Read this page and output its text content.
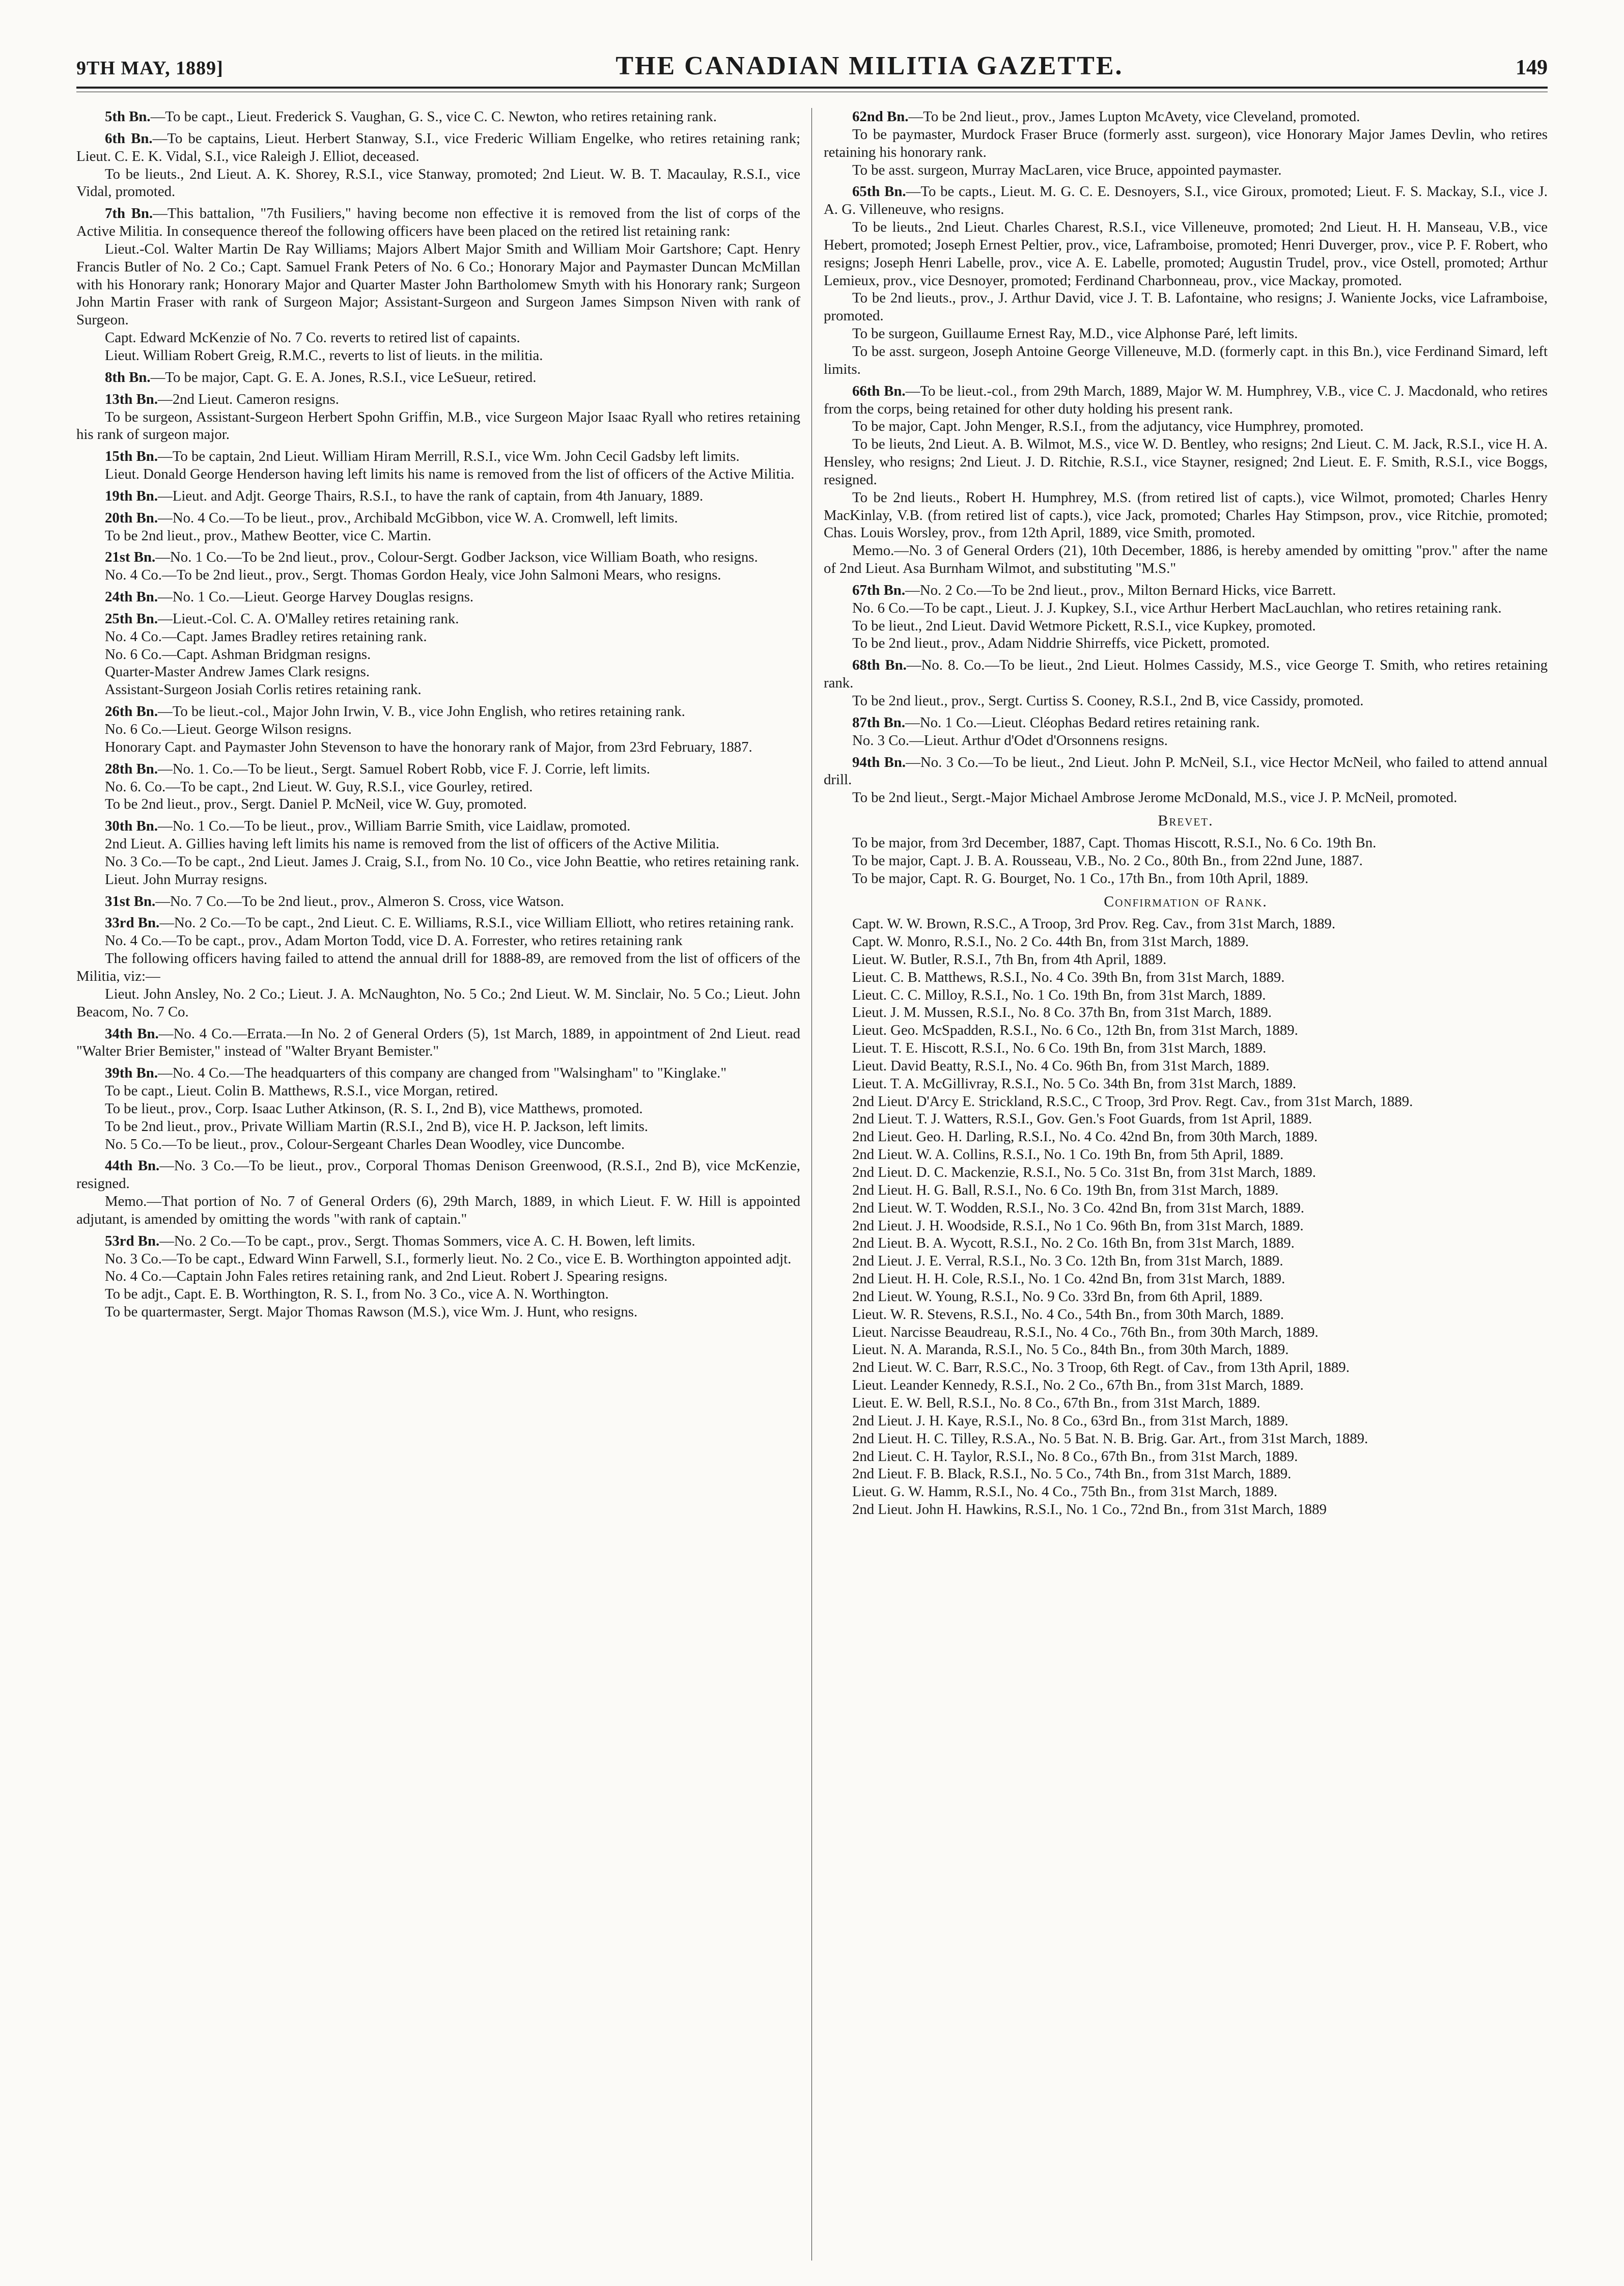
9TH MAY, 1889]	THE CANADIAN MILITIA GAZETTE.	149

5th Bn.—To be capt., Lieut. Frederick S. Vaughan, G. S., vice C. C. Newton, who retires retaining rank.

6th Bn.—To be captains, Lieut. Herbert Stanway, S.I., vice Frederic William Engelke, who retires retaining rank; Lieut. C. E. K. Vidal, S.I., vice Raleigh J. Elliot, deceased.

To be lieuts., 2nd Lieut. A. K. Shorey, R.S.I., vice Stanway, promoted; 2nd Lieut. W. B. T. Macaulay, R.S.I., vice Vidal, promoted.

7th Bn.—This battalion, "7th Fusiliers," having become non effective it is removed from the list of corps of the Active Militia. In consequence thereof the following officers have been placed on the retired list retaining rank:

Lieut.-Col. Walter Martin De Ray Williams; Majors Albert Major Smith and William Moir Gartshore; Capt. Henry Francis Butler of No. 2 Co.; Capt. Samuel Frank Peters of No. 6 Co.; Honorary Major and Paymaster Duncan McMillan with his Honorary rank; Honorary Major and Quarter Master John Bartholomew Smyth with his Honorary rank; Surgeon John Martin Fraser with rank of Surgeon Major; Assistant-Surgeon and Surgeon James Simpson Niven with rank of Surgeon.

Capt. Edward McKenzie of No. 7 Co. reverts to retired list of capaints.

Lieut. William Robert Greig, R.M.C., reverts to list of lieuts. in the militia.

8th Bn.—To be major, Capt. G. E. A. Jones, R.S.I., vice LeSueur, retired.

13th Bn.—2nd Lieut. Cameron resigns.

To be surgeon, Assistant-Surgeon Herbert Spohn Griffin, M.B., vice Surgeon Major Isaac Ryall who retires retaining his rank of surgeon major.

15th Bn.—To be captain, 2nd Lieut. William Hiram Merrill, R.S.I., vice Wm. John Cecil Gadsby left limits.

Lieut. Donald George Henderson having left limits his name is removed from the list of officers of the Active Militia.

19th Bn.—Lieut. and Adjt. George Thairs, R.S.I., to have the rank of captain, from 4th January, 1889.

20th Bn.—No. 4 Co.—To be lieut., prov., Archibald McGibbon, vice W. A. Cromwell, left limits.

To be 2nd lieut., prov., Mathew Beotter, vice C. Martin.

21st Bn.—No. 1 Co.—To be 2nd lieut., prov., Colour-Sergt. Godber Jackson, vice William Boath, who resigns.

No. 4 Co.—To be 2nd lieut., prov., Sergt. Thomas Gordon Healy, vice John Salmoni Mears, who resigns.

24th Bn.—No. 1 Co.—Lieut. George Harvey Douglas resigns.

25th Bn.—Lieut.-Col. C. A. O'Malley retires retaining rank.

No. 4 Co.—Capt. James Bradley retires retaining rank.

No. 6 Co.—Capt. Ashman Bridgman resigns.

Quarter-Master Andrew James Clark resigns.

Assistant-Surgeon Josiah Corlis retires retaining rank.

26th Bn.—To be lieut.-col., Major John Irwin, V. B., vice John English, who retires retaining rank.

No. 6 Co.—Lieut. George Wilson resigns.

Honorary Capt. and Paymaster John Stevenson to have the honorary rank of Major, from 23rd February, 1887.

28th Bn.—No. 1. Co.—To be lieut., Sergt. Samuel Robert Robb, vice F. J. Corrie, left limits.

No. 6. Co.—To be capt., 2nd Lieut. W. Guy, R.S.I., vice Gourley, retired.

To be 2nd lieut., prov., Sergt. Daniel P. McNeil, vice W. Guy, promoted.

30th Bn.—No. 1 Co.—To be lieut., prov., William Barrie Smith, vice Laidlaw, promoted.

2nd Lieut. A. Gillies having left limits his name is removed from the list of officers of the Active Militia.

No. 3 Co.—To be capt., 2nd Lieut. James J. Craig, S.I., from No. 10 Co., vice John Beattie, who retires retaining rank.

Lieut. John Murray resigns.

31st Bn.—No. 7 Co.—To be 2nd lieut., prov., Almeron S. Cross, vice Watson.

33rd Bn.—No. 2 Co.—To be capt., 2nd Lieut. C. E. Williams, R.S.I., vice William Elliott, who retires retaining rank.

No. 4 Co.—To be capt., prov., Adam Morton Todd, vice D. A. Forrester, who retires retaining rank

The following officers having failed to attend the annual drill for 1888-89, are removed from the list of officers of the Militia, viz:—

Lieut. John Ansley, No. 2 Co.; Lieut. J. A. McNaughton, No. 5 Co.; 2nd Lieut. W. M. Sinclair, No. 5 Co.; Lieut. John Beacom, No. 7 Co.

34th Bn.—No. 4 Co.—Errata.—In No. 2 of General Orders (5), 1st March, 1889, in appointment of 2nd Lieut. read "Walter Brier Bemister," instead of "Walter Bryant Bemister."

39th Bn.—No. 4 Co.—The headquarters of this company are changed from "Walsingham" to "Kinglake."

To be capt., Lieut. Colin B. Matthews, R.S.I., vice Morgan, retired.

To be lieut., prov., Corp. Isaac Luther Atkinson, (R. S. I., 2nd B), vice Matthews, promoted.

To be 2nd lieut., prov., Private William Martin (R.S.I., 2nd B), vice H. P. Jackson, left limits.

No. 5 Co.—To be lieut., prov., Colour-Sergeant Charles Dean Woodley, vice Duncombe.

44th Bn.—No. 3 Co.—To be lieut., prov., Corporal Thomas Denison Greenwood, (R.S.I., 2nd B), vice McKenzie, resigned.

Memo.—That portion of No. 7 of General Orders (6), 29th March, 1889, in which Lieut. F. W. Hill is appointed adjutant, is amended by omitting the words "with rank of captain."

53rd Bn.—No. 2 Co.—To be capt., prov., Sergt. Thomas Sommers, vice A. C. H. Bowen, left limits.

No. 3 Co.—To be capt., Edward Winn Farwell, S.I., formerly lieut. No. 2 Co., vice E. B. Worthington appointed adjt.

No. 4 Co.—Captain John Fales retires retaining rank, and 2nd Lieut. Robert J. Spearing resigns.

To be adjt., Capt. E. B. Worthington, R. S. I., from No. 3 Co., vice A. N. Worthington.

To be quartermaster, Sergt. Major Thomas Rawson (M.S.), vice Wm. J. Hunt, who resigns.

62nd Bn.—To be 2nd lieut., prov., James Lupton McAvety, vice Cleveland, promoted.

To be paymaster, Murdock Fraser Bruce (formerly asst. surgeon), vice Honorary Major James Devlin, who retires retaining his honorary rank.

To be asst. surgeon, Murray MacLaren, vice Bruce, appointed paymaster.

65th Bn.—To be capts., Lieut. M. G. C. E. Desnoyers, S.I., vice Giroux, promoted; Lieut. F. S. Mackay, S.I., vice J. A. G. Villeneuve, who resigns.

To be lieuts., 2nd Lieut. Charles Charest, R.S.I., vice Villeneuve, promoted; 2nd Lieut. H. H. Manseau, V.B., vice Hebert, promoted; Joseph Ernest Peltier, prov., vice, Laframboise, promoted; Henri Duverger, prov., vice P. F. Robert, who resigns; Joseph Henri Labelle, prov., vice A. E. Labelle, promoted; Augustin Trudel, prov., vice Ostell, promoted; Arthur Lemieux, prov., vice Desnoyer, promoted; Ferdinand Charbonneau, prov., vice Mackay, promoted.

To be 2nd lieuts., prov., J. Arthur David, vice J. T. B. Lafontaine, who resigns; J. Waniente Jocks, vice Laframboise, promoted.

To be surgeon, Guillaume Ernest Ray, M.D., vice Alphonse Paré, left limits.

To be asst. surgeon, Joseph Antoine George Villeneuve, M.D. (formerly capt. in this Bn.), vice Ferdinand Simard, left limits.

66th Bn.—To be lieut.-col., from 29th March, 1889, Major W. M. Humphrey, V.B., vice C. J. Macdonald, who retires from the corps, being retained for other duty holding his present rank.

To be major, Capt. John Menger, R.S.I., from the adjutancy, vice Humphrey, promoted.

To be lieuts, 2nd Lieut. A. B. Wilmot, M.S., vice W. D. Bentley, who resigns; 2nd Lieut. C. M. Jack, R.S.I., vice H. A. Hensley, who resigns; 2nd Lieut. J. D. Ritchie, R.S.I., vice Stayner, resigned; 2nd Lieut. E. F. Smith, R.S.I., vice Boggs, resigned.

To be 2nd lieuts., Robert H. Humphrey, M.S. (from retired list of capts.), vice Wilmot, promoted; Charles Henry MacKinlay, V.B. (from retired list of capts.), vice Jack, promoted; Charles Hay Stimpson, prov., vice Ritchie, promoted; Chas. Louis Worsley, prov., from 12th April, 1889, vice Smith, promoted.

Memo.—No. 3 of General Orders (21), 10th December, 1886, is hereby amended by omitting "prov." after the name of 2nd Lieut. Asa Burnham Wilmot, and substituting "M.S."

67th Bn.—No. 2 Co.—To be 2nd lieut., prov., Milton Bernard Hicks, vice Barrett.

No. 6 Co.—To be capt., Lieut. J. J. Kupkey, S.I., vice Arthur Herbert MacLauchlan, who retires retaining rank.

To be lieut., 2nd Lieut. David Wetmore Pickett, R.S.I., vice Kupkey, promoted.

To be 2nd lieut., prov., Adam Niddrie Shirreffs, vice Pickett, promoted.

68th Bn.—No. 8. Co.—To be lieut., 2nd Lieut. Holmes Cassidy, M.S., vice George T. Smith, who retires retaining rank.

To be 2nd lieut., prov., Sergt. Curtiss S. Cooney, R.S.I., 2nd B, vice Cassidy, promoted.

87th Bn.—No. 1 Co.—Lieut. Cléophas Bedard retires retaining rank.

No. 3 Co.—Lieut. Arthur d'Odet d'Orsonnens resigns.

94th Bn.—No. 3 Co.—To be lieut., 2nd Lieut. John P. McNeil, S.I., vice Hector McNeil, who failed to attend annual drill.

To be 2nd lieut., Sergt.-Major Michael Ambrose Jerome McDonald, M.S., vice J. P. McNeil, promoted.

Brevet.

To be major, from 3rd December, 1887, Capt. Thomas Hiscott, R.S.I., No. 6 Co. 19th Bn.

To be major, Capt. J. B. A. Rousseau, V.B., No. 2 Co., 80th Bn., from 22nd June, 1887.

To be major, Capt. R. G. Bourget, No. 1 Co., 17th Bn., from 10th April, 1889.

Confirmation of Rank.

Capt. W. W. Brown, R.S.C., A Troop, 3rd Prov. Reg. Cav., from 31st March, 1889.

Capt. W. Monro, R.S.I., No. 2 Co. 44th Bn, from 31st March, 1889.

Lieut. W. Butler, R.S.I., 7th Bn, from 4th April, 1889.

Lieut. C. B. Matthews, R.S.I., No. 4 Co. 39th Bn, from 31st March, 1889.

Lieut. C. C. Milloy, R.S.I., No. 1 Co. 19th Bn, from 31st March, 1889.

Lieut. J. M. Mussen, R.S.I., No. 8 Co. 37th Bn, from 31st March, 1889.

Lieut. Geo. McSpadden, R.S.I., No. 6 Co., 12th Bn, from 31st March, 1889.

Lieut. T. E. Hiscott, R.S.I., No. 6 Co. 19th Bn, from 31st March, 1889.

Lieut. David Beatty, R.S.I., No. 4 Co. 96th Bn, from 31st March, 1889.

Lieut. T. A. McGillivray, R.S.I., No. 5 Co. 34th Bn, from 31st March, 1889.

2nd Lieut. D'Arcy E. Strickland, R.S.C., C Troop, 3rd Prov. Regt. Cav., from 31st March, 1889.

2nd Lieut. T. J. Watters, R.S.I., Gov. Gen.'s Foot Guards, from 1st April, 1889.

2nd Lieut. Geo. H. Darling, R.S.I., No. 4 Co. 42nd Bn, from 30th March, 1889.

2nd Lieut. W. A. Collins, R.S.I., No. 1 Co. 19th Bn, from 5th April, 1889.

2nd Lieut. D. C. Mackenzie, R.S.I., No. 5 Co. 31st Bn, from 31st March, 1889.

2nd Lieut. H. G. Ball, R.S.I., No. 6 Co. 19th Bn, from 31st March, 1889.

2nd Lieut. W. T. Wodden, R.S.I., No. 3 Co. 42nd Bn, from 31st March, 1889.

2nd Lieut. J. H. Woodside, R.S.I., No 1 Co. 96th Bn, from 31st March, 1889.

2nd Lieut. B. A. Wycott, R.S.I., No. 2 Co. 16th Bn, from 31st March, 1889.

2nd Lieut. J. E. Verral, R.S.I., No. 3 Co. 12th Bn, from 31st March, 1889.

2nd Lieut. H. H. Cole, R.S.I., No. 1 Co. 42nd Bn, from 31st March, 1889.

2nd Lieut. W. Young, R.S.I., No. 9 Co. 33rd Bn, from 6th April, 1889.

Lieut. W. R. Stevens, R.S.I., No. 4 Co., 54th Bn., from 30th March, 1889.

Lieut. Narcisse Beaudreau, R.S.I., No. 4 Co., 76th Bn., from 30th March, 1889.

Lieut. N. A. Maranda, R.S.I., No. 5 Co., 84th Bn., from 30th March, 1889.

2nd Lieut. W. C. Barr, R.S.C., No. 3 Troop, 6th Regt. of Cav., from 13th April, 1889.

Lieut. Leander Kennedy, R.S.I., No. 2 Co., 67th Bn., from 31st March, 1889.

Lieut. E. W. Bell, R.S.I., No. 8 Co., 67th Bn., from 31st March, 1889.

2nd Lieut. J. H. Kaye, R.S.I., No. 8 Co., 63rd Bn., from 31st March, 1889.

2nd Lieut. H. C. Tilley, R.S.A., No. 5 Bat. N. B. Brig. Gar. Art., from 31st March, 1889.

2nd Lieut. C. H. Taylor, R.S.I., No. 8 Co., 67th Bn., from 31st March, 1889.

2nd Lieut. F. B. Black, R.S.I., No. 5 Co., 74th Bn., from 31st March, 1889.

Lieut. G. W. Hamm, R.S.I., No. 4 Co., 75th Bn., from 31st March, 1889.

2nd Lieut. John H. Hawkins, R.S.I., No. 1 Co., 72nd Bn., from 31st March, 1889
